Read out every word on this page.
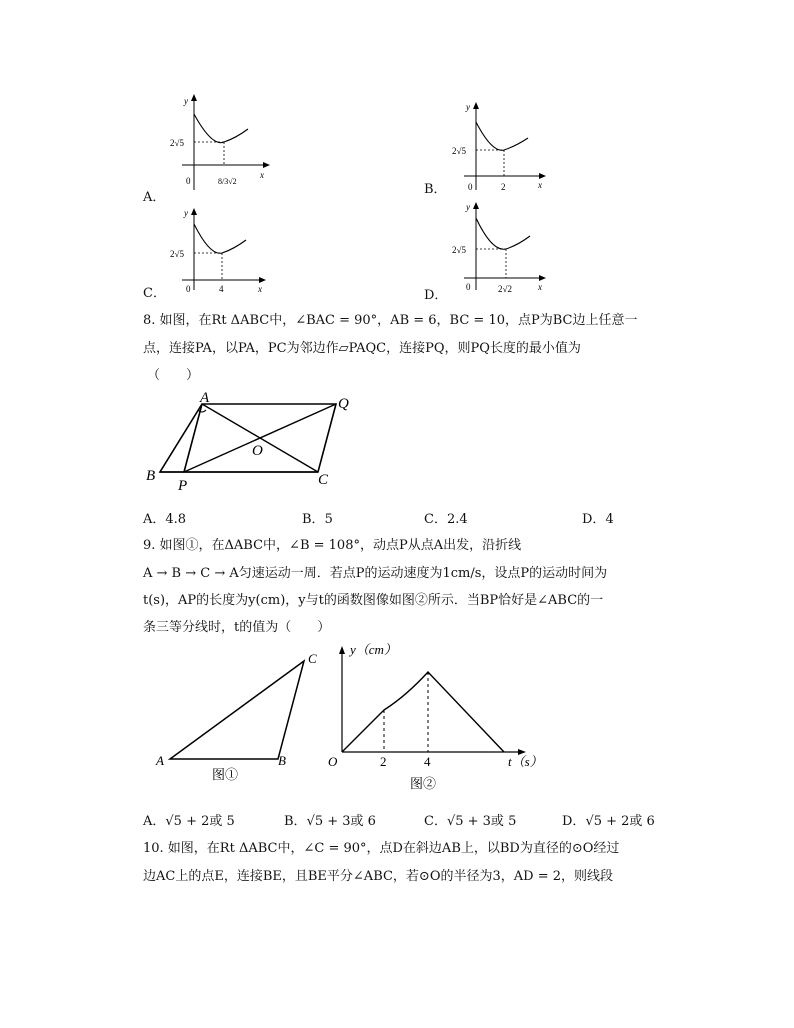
y
x
2√5
0	8/3√2
A．
y
x
2√5
0	2
B．
y
x
2√5
0	4
C．
y
x
2√5
0	2√2
D．
8. 如图，在Rt ΔABC中，∠BAC = 90°，AB = 6，BC = 10，点P为BC边上任意一
点，连接PA，以PA，PC为邻边作▱PAQC，连接PQ，则PQ长度的最小值为
（　　）
A	Q
O
B
P	C
A．4.8	B．5	C．2.4	D．4
9. 如图①，在ΔABC中，∠B = 108°，动点P从点A出发，沿折线
A → B → C → A匀速运动一周．若点P的运动速度为1cm/s，设点P的运动时间为
t(s)，AP的长度为y(cm)，y与t的函数图像如图②所示．当BP恰好是∠ABC的一
条三等分线时，t的值为（　　）
A	B
C
图①
y（cm）
t（s）
O	2	4
图②
A．√5 + 2或 5	B．√5 + 3或 6	C．√5 + 3或 5	D．√5 + 2或 6
10. 如图，在Rt ΔABC中，∠C = 90°，点D在斜边AB上，以BD为直径的⊙O经过
边AC上的点E，连接BE，且BE平分∠ABC，若⊙O的半径为3，AD = 2，则线段
